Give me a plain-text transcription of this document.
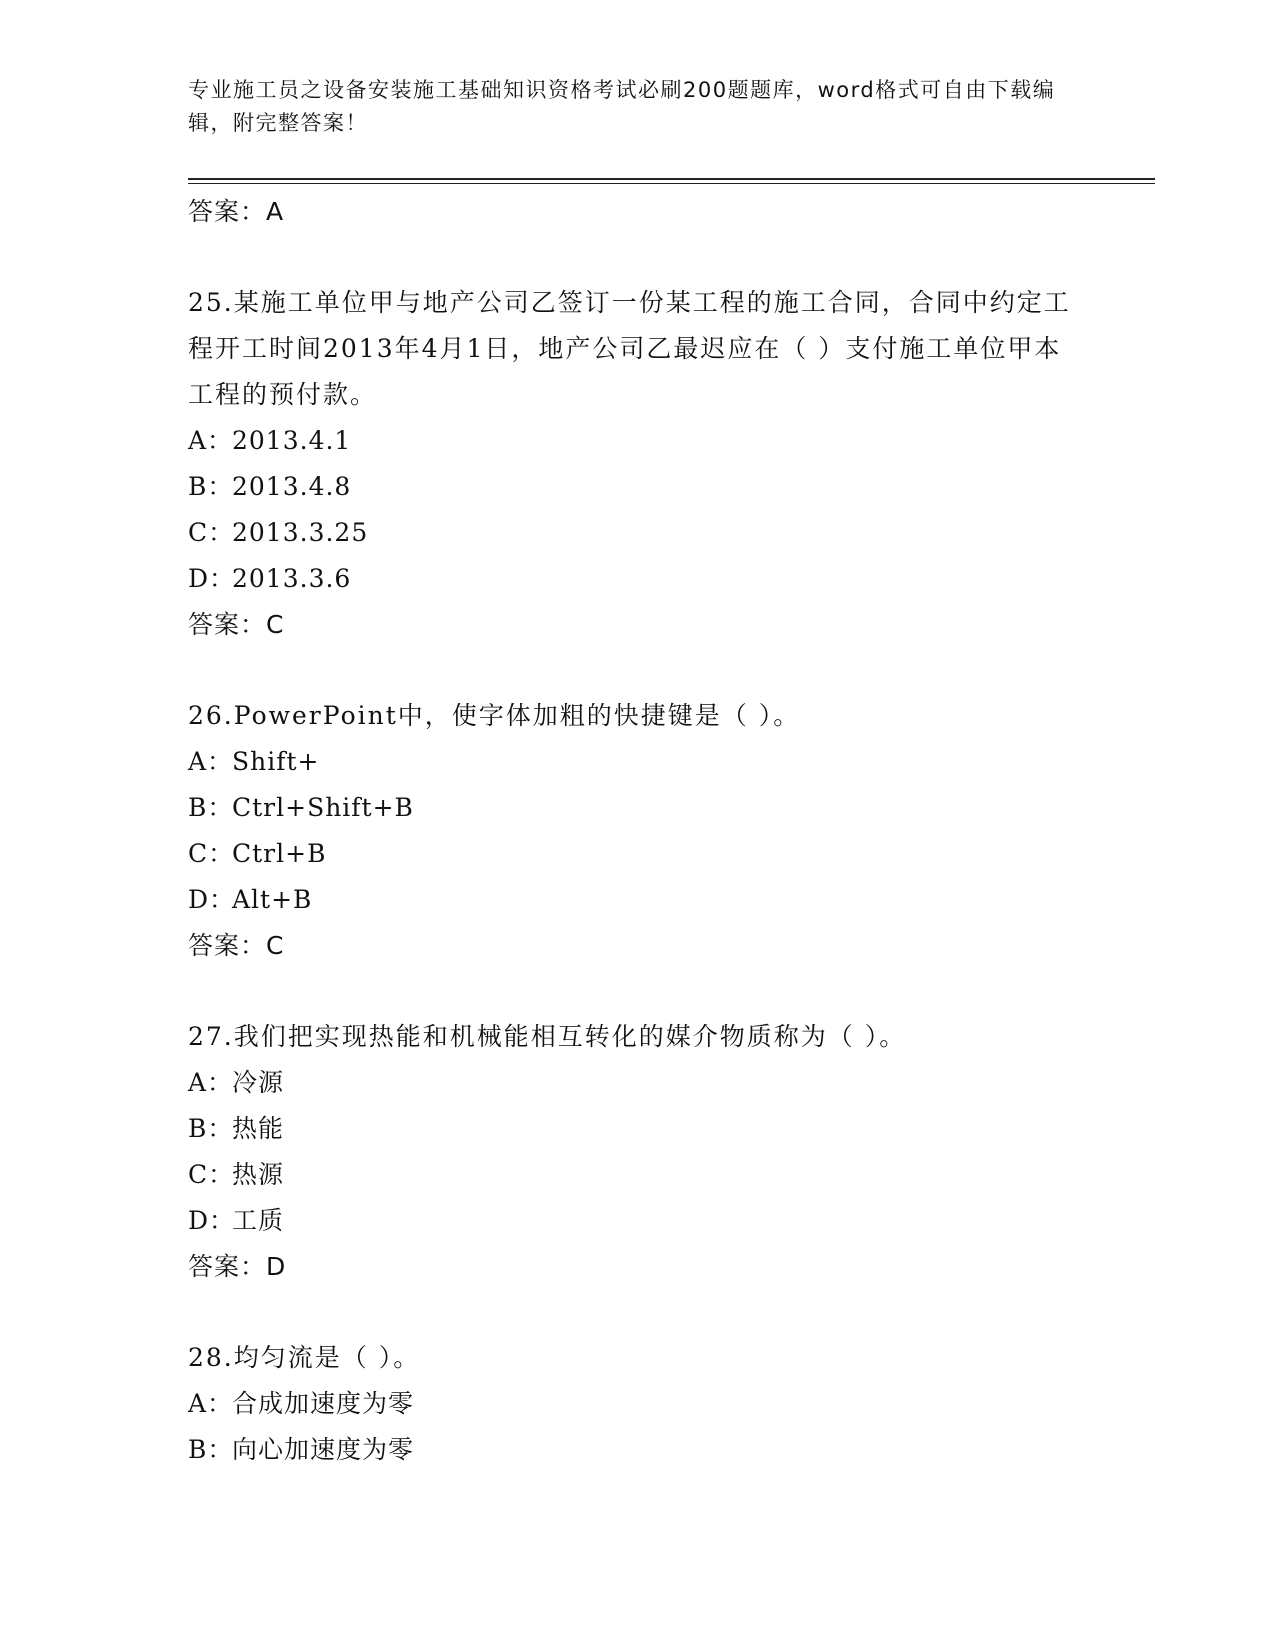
专业施工员之设备安装施工基础知识资格考试必刷200题题库，word格式可自由下载编辑，附完整答案！
答案：A
25.某施工单位甲与地产公司乙签订一份某工程的施工合同，合同中约定工程开工时间2013年4月1日，地产公司乙最迟应在（ ）支付施工单位甲本工程的预付款。
A：2013.4.1
B：2013.4.8
C：2013.3.25
D：2013.3.6
答案：C
26.PowerPoint中，使字体加粗的快捷键是（ ）。
A：Shift+
B：Ctrl+Shift+B
C：Ctrl+B
D：Alt+B
答案：C
27.我们把实现热能和机械能相互转化的媒介物质称为（ ）。
A：冷源
B：热能
C：热源
D：工质
答案：D
28.均匀流是（ ）。
A：合成加速度为零
B：向心加速度为零
